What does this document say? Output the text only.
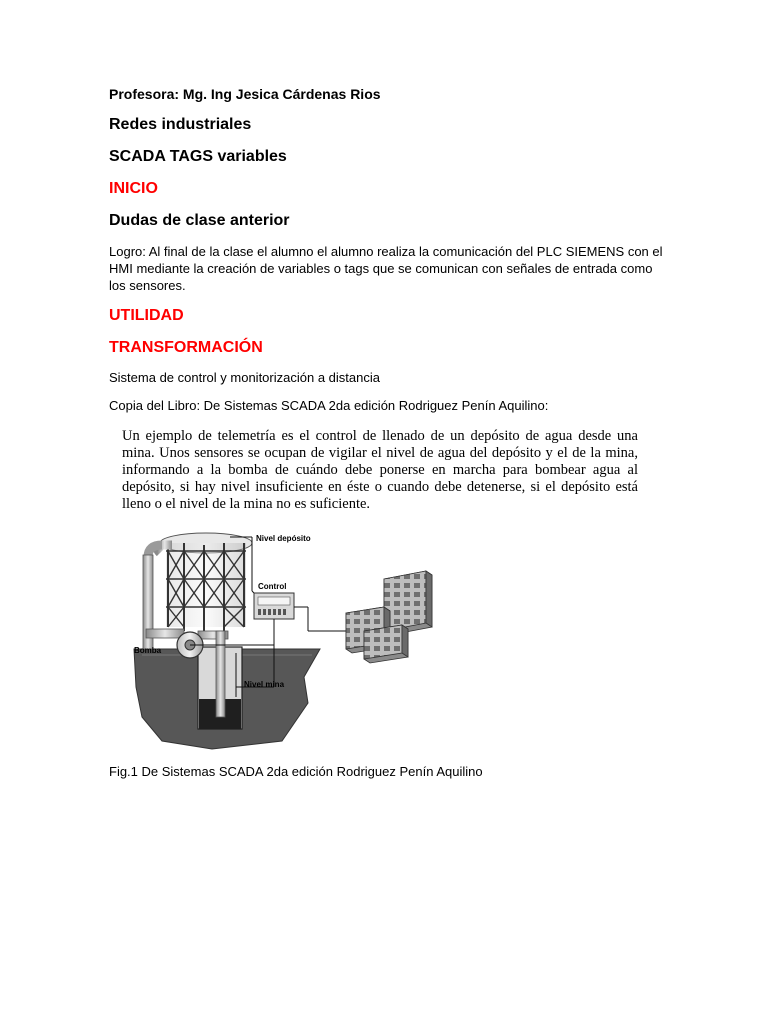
Profesora: Mg. Ing Jesica Cárdenas Rios

Redes industriales

SCADA TAGS variables

INICIO

Dudas de clase anterior

Logro: Al final de la clase el alumno el alumno realiza la comunicación del PLC SIEMENS con el HMI mediante la creación de variables o tags que se comunican con señales de entrada como los sensores.

UTILIDAD

TRANSFORMACIÓN

Sistema de control y monitorización a distancia

Copia del Libro: De Sistemas SCADA 2da edición Rodriguez Penín Aquilino:

Un ejemplo de telemetría es el control de llenado de un depósito de agua desde una mina. Unos sensores se ocupan de vigilar el nivel de agua del depósito y el de la mina, informando a la bomba de cuándo debe ponerse en marcha para bombear agua al depósito, si hay nivel insuficiente en éste o cuando debe detenerse, si el depósito está lleno o el nivel de la mina no es suficiente.

Nivel depósito
Control
Bomba
Nivel mina

Fig.1 De Sistemas SCADA 2da edición Rodriguez Penín Aquilino
